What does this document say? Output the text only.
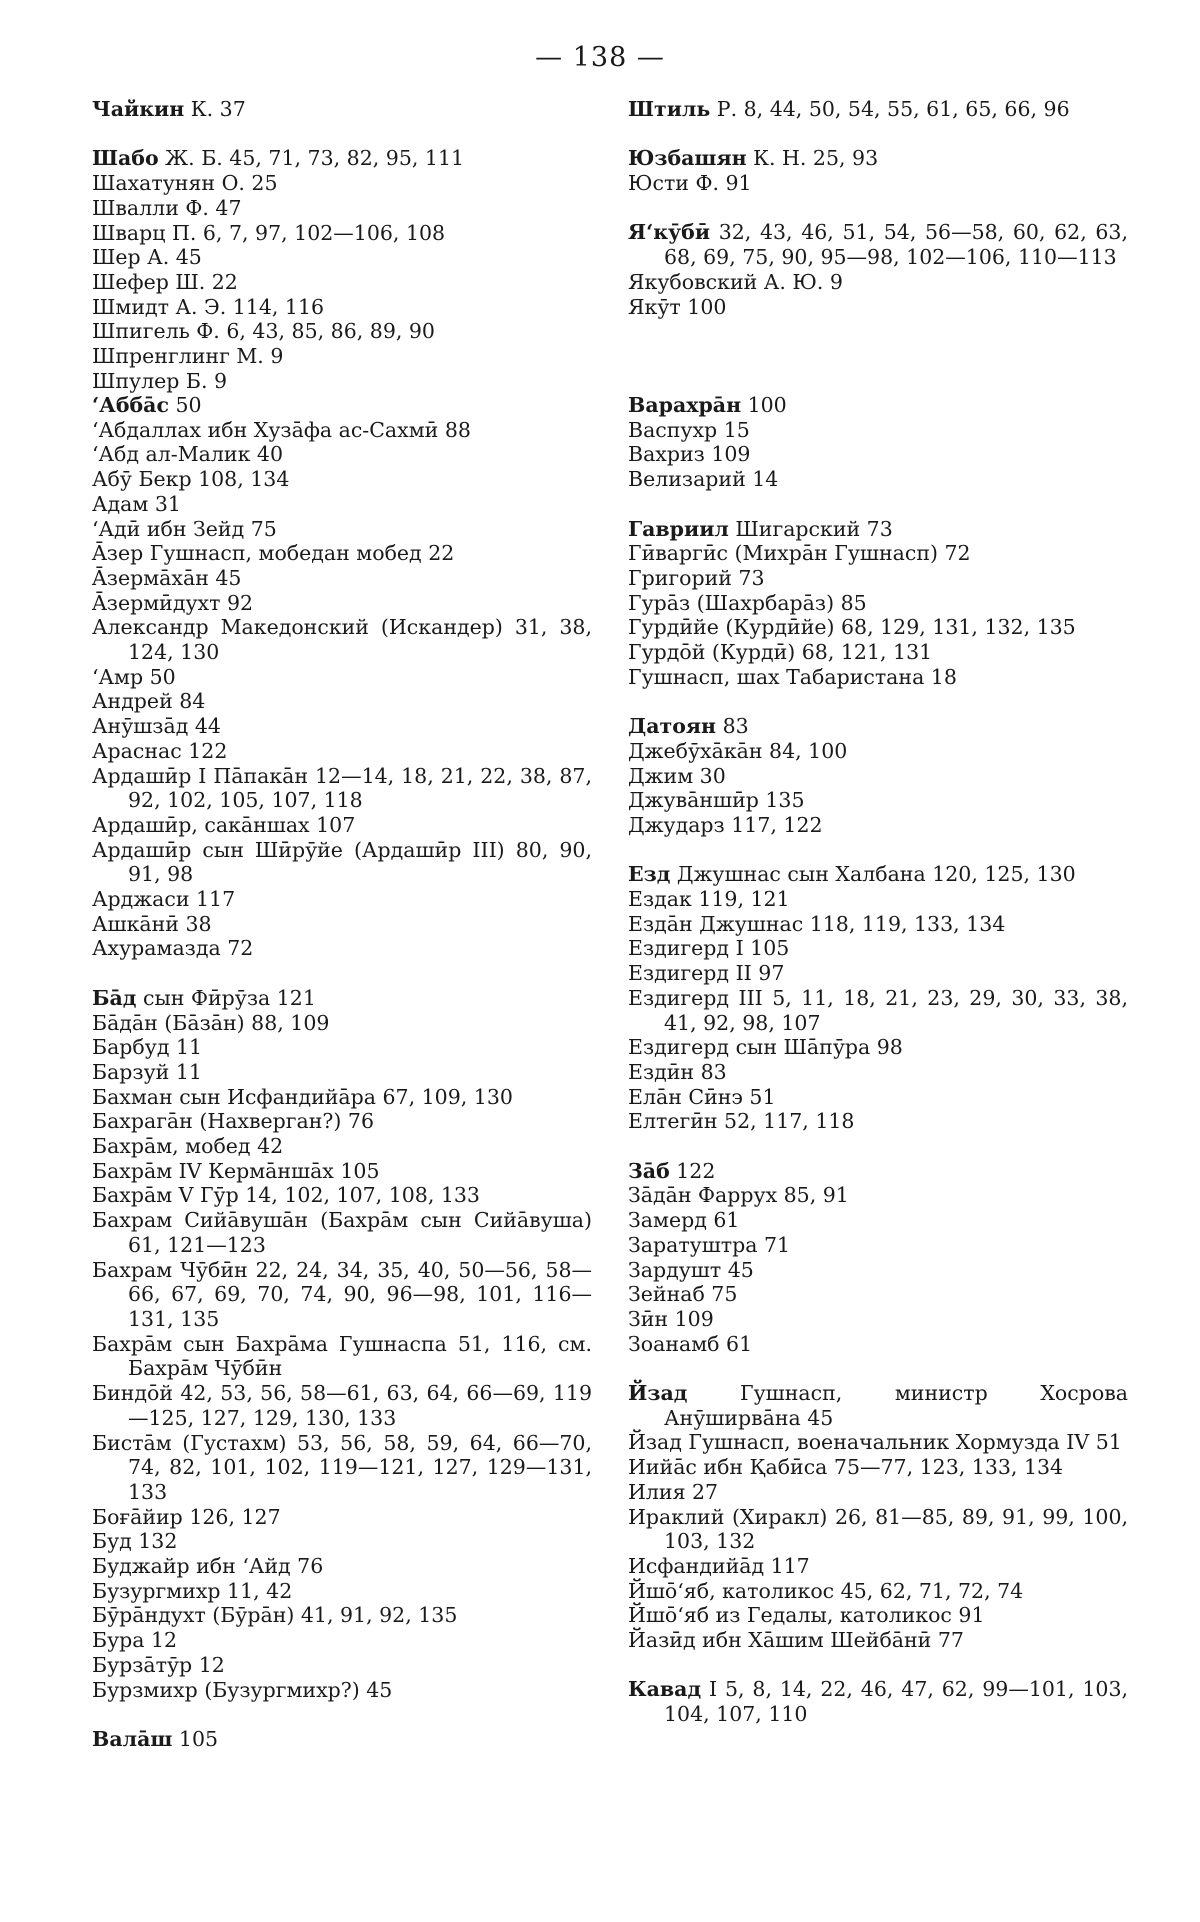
— 138 —
Чайкин К. 37
Шабо Ж. Б. 45, 71, 73, 82, 95, 111
Шахатунян О. 25
Швалли Ф. 47
Шварц П. 6, 7, 97, 102—106, 108
Шер А. 45
Шефер Ш. 22
Шмидт А. Э. 114, 116
Шпигель Ф. 6, 43, 85, 86, 89, 90
Шпренглинг М. 9
Шпулер Б. 9
Штиль Р. 8, 44, 50, 54, 55, 61, 65, 66, 96
Юзбашян К. Н. 25, 93
Юсти Ф. 91
Я‘кӯбӣ 32, 43, 46, 51, 54, 56—58, 60, 62, 63, 68, 69, 75, 90, 95—98, 102—106, 110—113
Якубовский А. Ю. 9
Якӯт 100
‘Аббāс 50
‘Абдаллах ибн Хузāфа ас-Сахмӣ 88
‘Абд ал-Малик 40
Абӯ Бекр 108, 134
Адам 31
‘Адӣ ибн Зейд 75
Āзер Гушнасп, мобедан мобед 22
Āзермāхāн 45
Āзермӣдухт 92
Александр Македонский (Искандер) 31, 38, 124, 130
‘Амр 50
Андрей 84
Анӯшзāд 44
Араснас 122
Ардашӣр I Пāпакāн 12—14, 18, 21, 22, 38, 87, 92, 102, 105, 107, 118
Ардашӣр, сакāншах 107
Ардашӣр сын Шӣрӯйе (Ардашӣр III) 80, 90, 91, 98
Арджаси 117
Ашкāнӣ 38
Ахурамазда 72
Бāд сын Фӣрӯза 121
Бāдāн (Бāзāн) 88, 109
Барбуд 11
Барзуй 11
Бахман сын Исфандийāра 67, 109, 130
Бахрагāн (Нахверган?) 76
Бахрāм, мобед 42
Бахрāм IV Кермāншāх 105
Бахрāм V Гӯр 14, 102, 107, 108, 133
Бахрам Сийāвушāн (Бахрāм сын Сийāвуша) 61, 121—123
Бахрам Чӯбӣн 22, 24, 34, 35, 40, 50—56, 58—66, 67, 69, 70, 74, 90, 96—98, 101, 116—131, 135
Бахрāм сын Бахрāма Гушнаспа 51, 116, см. Бахрāм Чӯбӣн
Биндōй 42, 53, 56, 58—61, 63, 64, 66—69, 119—125, 127, 129, 130, 133
Бистāм (Густахм) 53, 56, 58, 59, 64, 66—70, 74, 82, 101, 102, 119—121, 127, 129—131, 133
Боғāйир 126, 127
Буд 132
Буджайр ибн ‘Айд 76
Бузургмихр 11, 42
Бӯрāндухт (Бӯрāн) 41, 91, 92, 135
Бура 12
Бурзāтӯр 12
Бурзмихр (Бузургмихр?) 45
Валāш 105
Варахрāн 100
Васпухр 15
Вахриз 109
Велизарий 14
Гавриил Шигарский 73
Гӣваргӣс (Михрāн Гушнасп) 72
Григорий 73
Гурāз (Шахрбарāз) 85
Гурдӣйе (Курдӣйе) 68, 129, 131, 132, 135
Гурдōй (Курдӣ) 68, 121, 131
Гушнасп, шах Табаристана 18
Датоян 83
Джебӯхāкāн 84, 100
Джим 30
Джувāншӣр 135
Джударз 117, 122
Езд Джушнас сын Халбана 120, 125, 130
Ездак 119, 121
Ездāн Джушнас 118, 119, 133, 134
Ездигерд I 105
Ездигерд II 97
Ездигерд III 5, 11, 18, 21, 23, 29, 30, 33, 38, 41, 92, 98, 107
Ездигерд сын Шāпӯра 98
Ездӣн 83
Елāн Сӣнэ 51
Елтегӣн 52, 117, 118
Зāб 122
Зāдāн Фаррух 85, 91
Замерд 61
Заратуштра 71
Зардушт 45
Зейнаб 75
Зӣн 109
Зоанамб 61
Йзад Гушнасп, министр Хосрова Анӯширвāна 45
Йзад Гушнасп, военачальник Хормузда IV 51
Иийāс ибн Қабӣса 75—77, 123, 133, 134
Илия 27
Ираклий (Хиракл) 26, 81—85, 89, 91, 99, 100, 103, 132
Исфандийāд 117
Йшō‘яб, католикос 45, 62, 71, 72, 74
Йшō‘яб из Гедалы, католикос 91
Йазӣд ибн Хāшим Шейбāнӣ 77
Кавад I 5, 8, 14, 22, 46, 47, 62, 99—101, 103, 104, 107, 110
